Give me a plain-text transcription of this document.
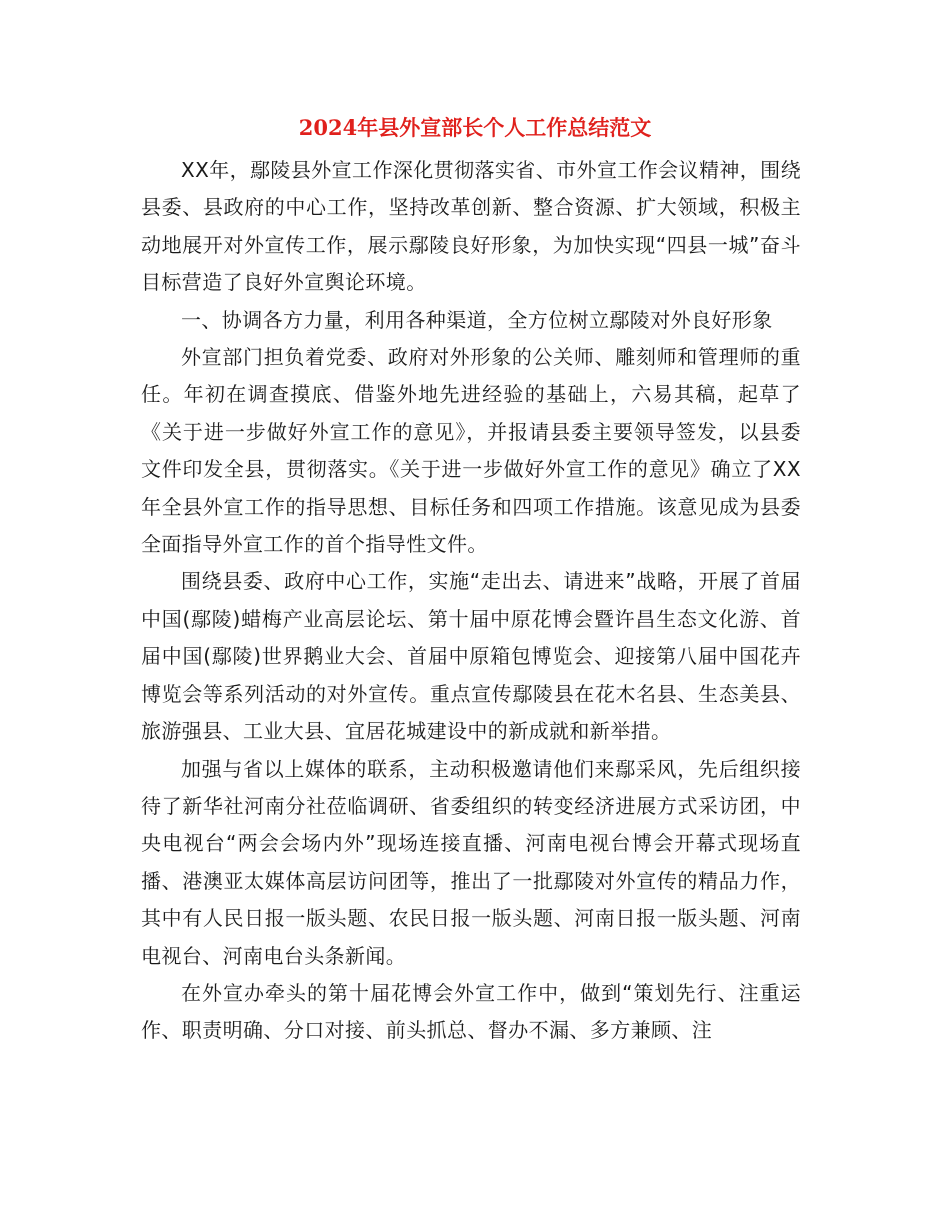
2024年县外宣部长个人工作总结范文

XX年，鄢陵县外宣工作深化贯彻落实省、市外宣工作会议精神，围绕县委、县政府的中心工作，坚持改革创新、整合资源、扩大领域，积极主动地展开对外宣传工作，展示鄢陵良好形象，为加快实现“四县一城”奋斗目标营造了良好外宣舆论环境。

一、协调各方力量，利用各种渠道，全方位树立鄢陵对外良好形象

外宣部门担负着党委、政府对外形象的公关师、雕刻师和管理师的重任。年初在调查摸底、借鉴外地先进经验的基础上，六易其稿，起草了《关于进一步做好外宣工作的意见》，并报请县委主要领导签发，以县委文件印发全县，贯彻落实。《关于进一步做好外宣工作的意见》确立了XX年全县外宣工作的指导思想、目标任务和四项工作措施。该意见成为县委全面指导外宣工作的首个指导性文件。

围绕县委、政府中心工作，实施“走出去、请进来”战略，开展了首届中国(鄢陵)蜡梅产业高层论坛、第十届中原花博会暨许昌生态文化游、首届中国(鄢陵)世界鹅业大会、首届中原箱包博览会、迎接第八届中国花卉博览会等系列活动的对外宣传。重点宣传鄢陵县在花木名县、生态美县、旅游强县、工业大县、宜居花城建设中的新成就和新举措。

加强与省以上媒体的联系，主动积极邀请他们来鄢采风，先后组织接待了新华社河南分社莅临调研、省委组织的转变经济进展方式采访团，中央电视台“两会会场内外”现场连接直播、河南电视台博会开幕式现场直播、港澳亚太媒体高层访问团等，推出了一批鄢陵对外宣传的精品力作，其中有人民日报一版头题、农民日报一版头题、河南日报一版头题、河南电视台、河南电台头条新闻。

在外宣办牵头的第十届花博会外宣工作中，做到“策划先行、注重运作、职责明确、分口对接、前头抓总、督办不漏、多方兼顾、注
